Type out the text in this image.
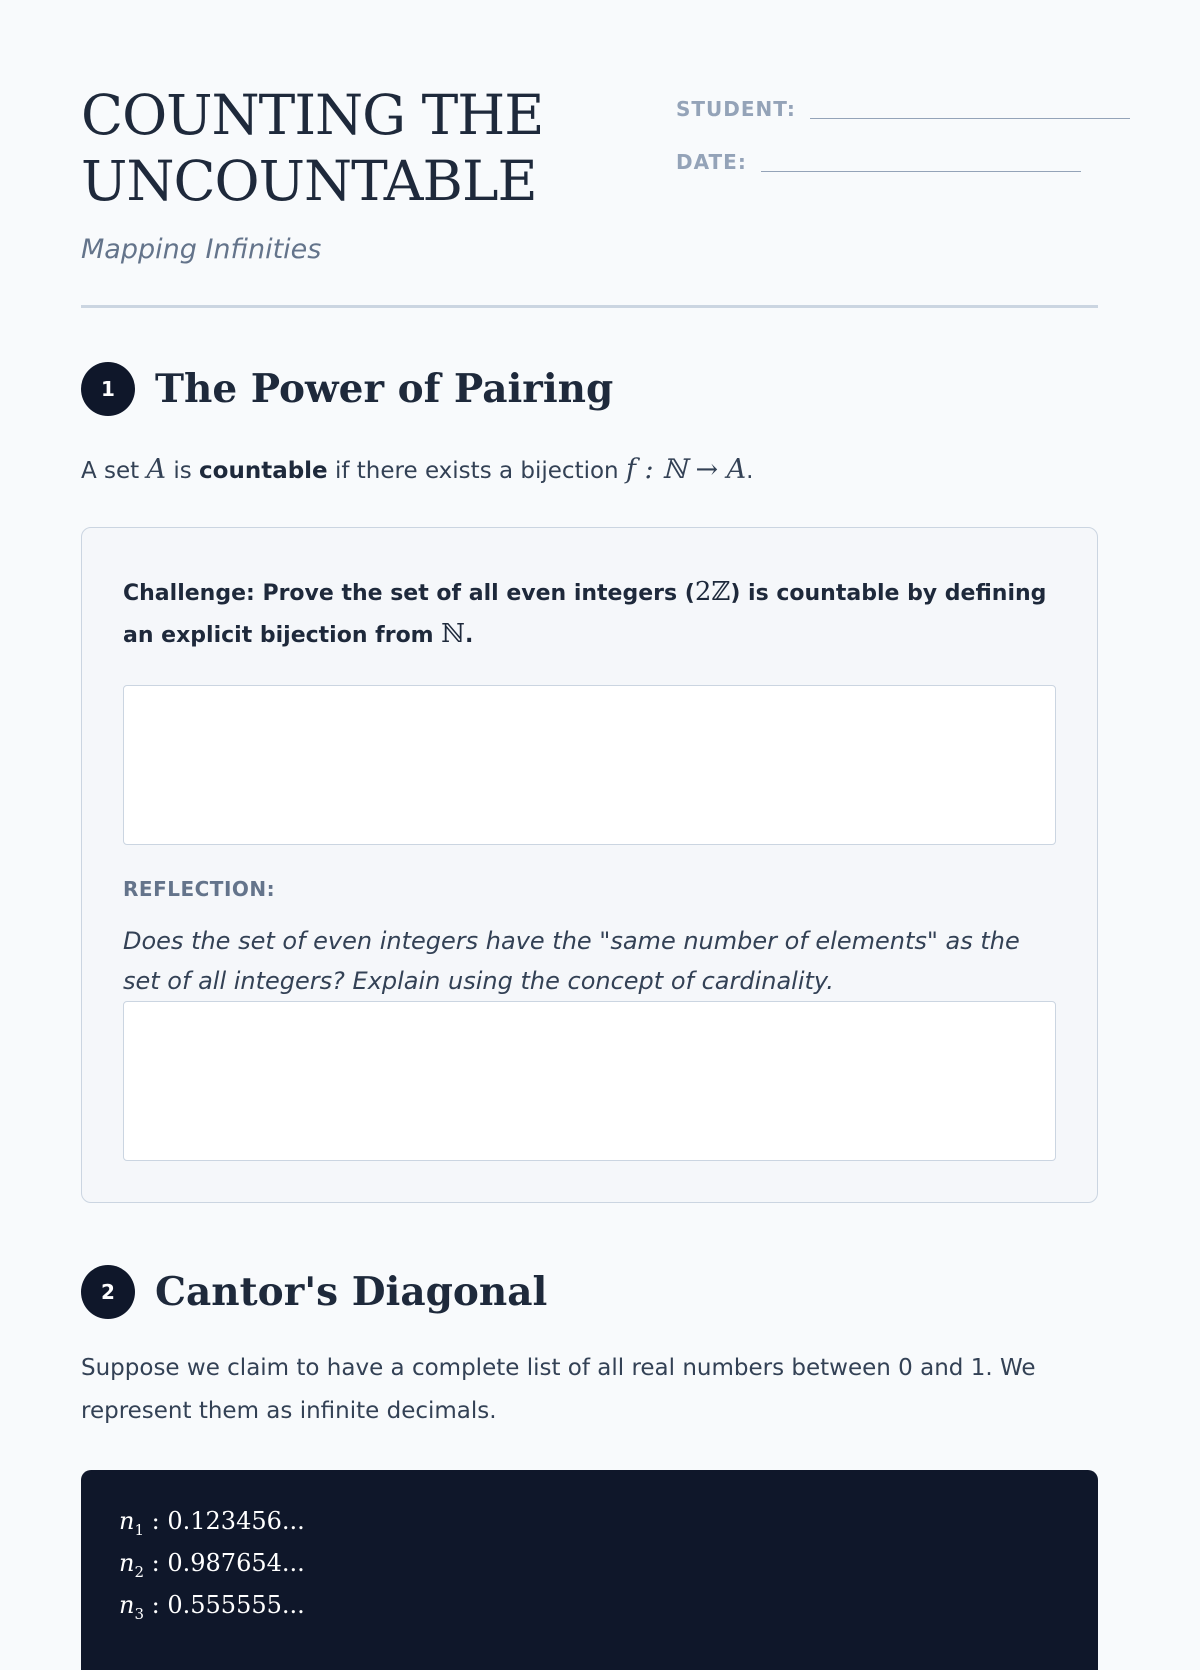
COUNTING THE
UNCOUNTABLE
Mapping Infinities
STUDENT:
DATE:
1	The Power of Pairing

A set A is countable if there exists a bijection f : ℕ → A.

Challenge: Prove the set of all even integers (2ℤ) is countable by defining an explicit bijection from ℕ.

REFLECTION:

Does the set of even integers have the "same number of elements" as the set of all integers? Explain using the concept of cardinality.

2	Cantor's Diagonal

Suppose we claim to have a complete list of all real numbers between 0 and 1. We represent them as infinite decimals.

$n_1$ : 0.123456...
$n_2$ : 0.987654...
$n_3$ : 0.555555...
